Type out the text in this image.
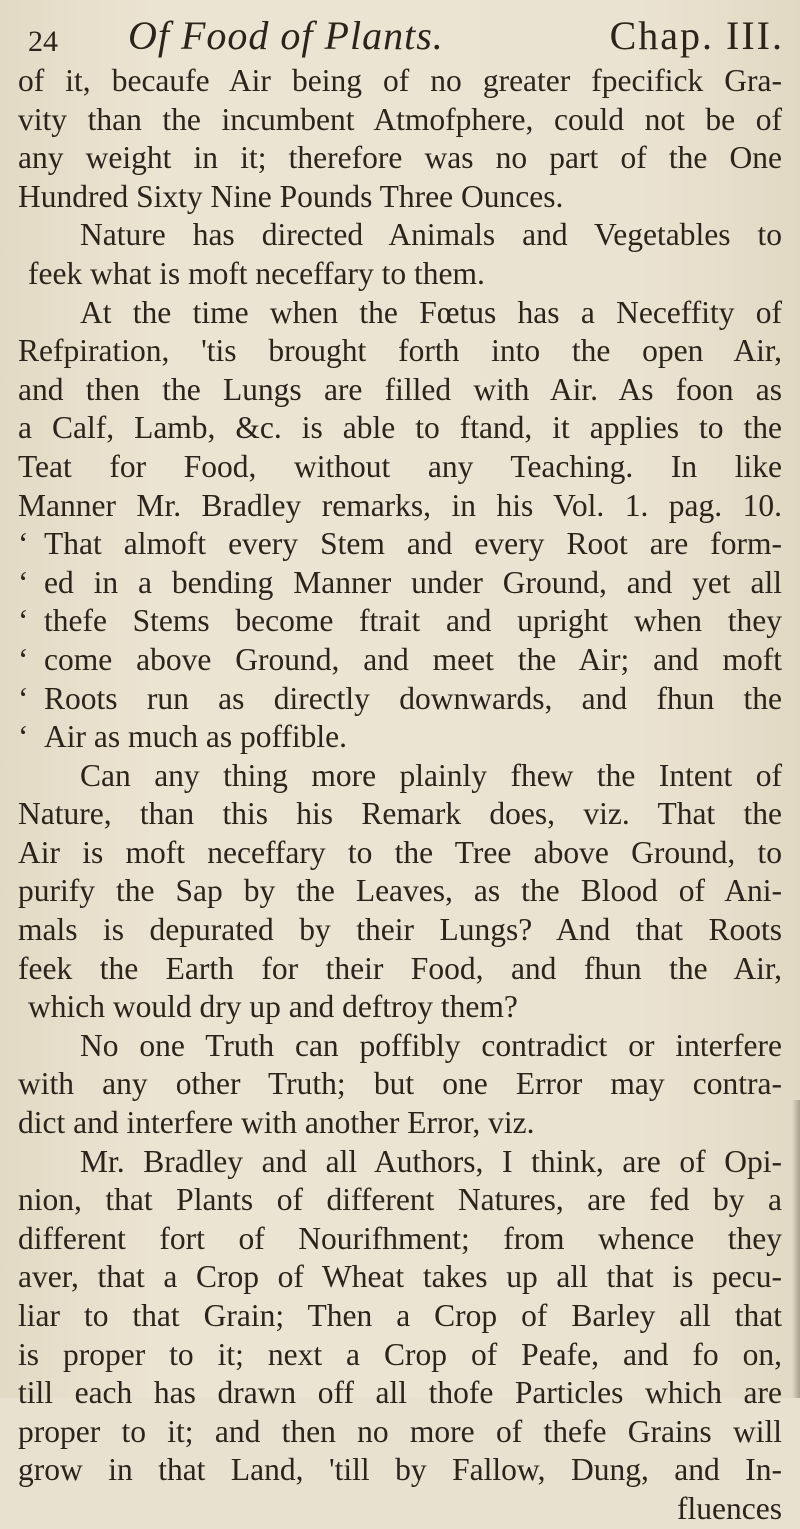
24 Of Food of Plants.	Chap. III.
of it, becaufe Air being of no greater fpecifick Gra-
vity than the incumbent Atmofphere, could not be of
any weight in it; therefore was no part of the One
Hundred Sixty Nine Pounds Three Ounces.
Nature has directed Animals and Vegetables to
feek what is moft neceffary to them.
At the time when the Fœtus has a Neceffity of
Refpiration, 'tis brought forth into the open Air,
and then the Lungs are filled with Air. As foon as
a Calf, Lamb, &c. is able to ftand, it applies to the
Teat for Food, without any Teaching. In like
Manner Mr. Bradley remarks, in his Vol. 1. pag. 10.
‘ That almoft every Stem and every Root are form-
‘ ed in a bending Manner under Ground, and yet all
‘ thefe Stems become ftrait and upright when they
‘ come above Ground, and meet the Air; and moft
‘ Roots run as directly downwards, and fhun the
‘ Air as much as poffible.
Can any thing more plainly fhew the Intent of
Nature, than this his Remark does, viz. That the
Air is moft neceffary to the Tree above Ground, to
purify the Sap by the Leaves, as the Blood of Ani-
mals is depurated by their Lungs? And that Roots
feek the Earth for their Food, and fhun the Air,
which would dry up and deftroy them?
No one Truth can poffibly contradict or interfere
with any other Truth; but one Error may contra-
dict and interfere with another Error, viz.
Mr. Bradley and all Authors, I think, are of Opi-
nion, that Plants of different Natures, are fed by a
different fort of Nourifhment; from whence they
aver, that a Crop of Wheat takes up all that is pecu-
liar to that Grain; Then a Crop of Barley all that
is proper to it; next a Crop of Peafe, and fo on,
till each has drawn off all thofe Particles which are
proper to it; and then no more of thefe Grains will
grow in that Land, 'till by Fallow, Dung, and In-
fluences
